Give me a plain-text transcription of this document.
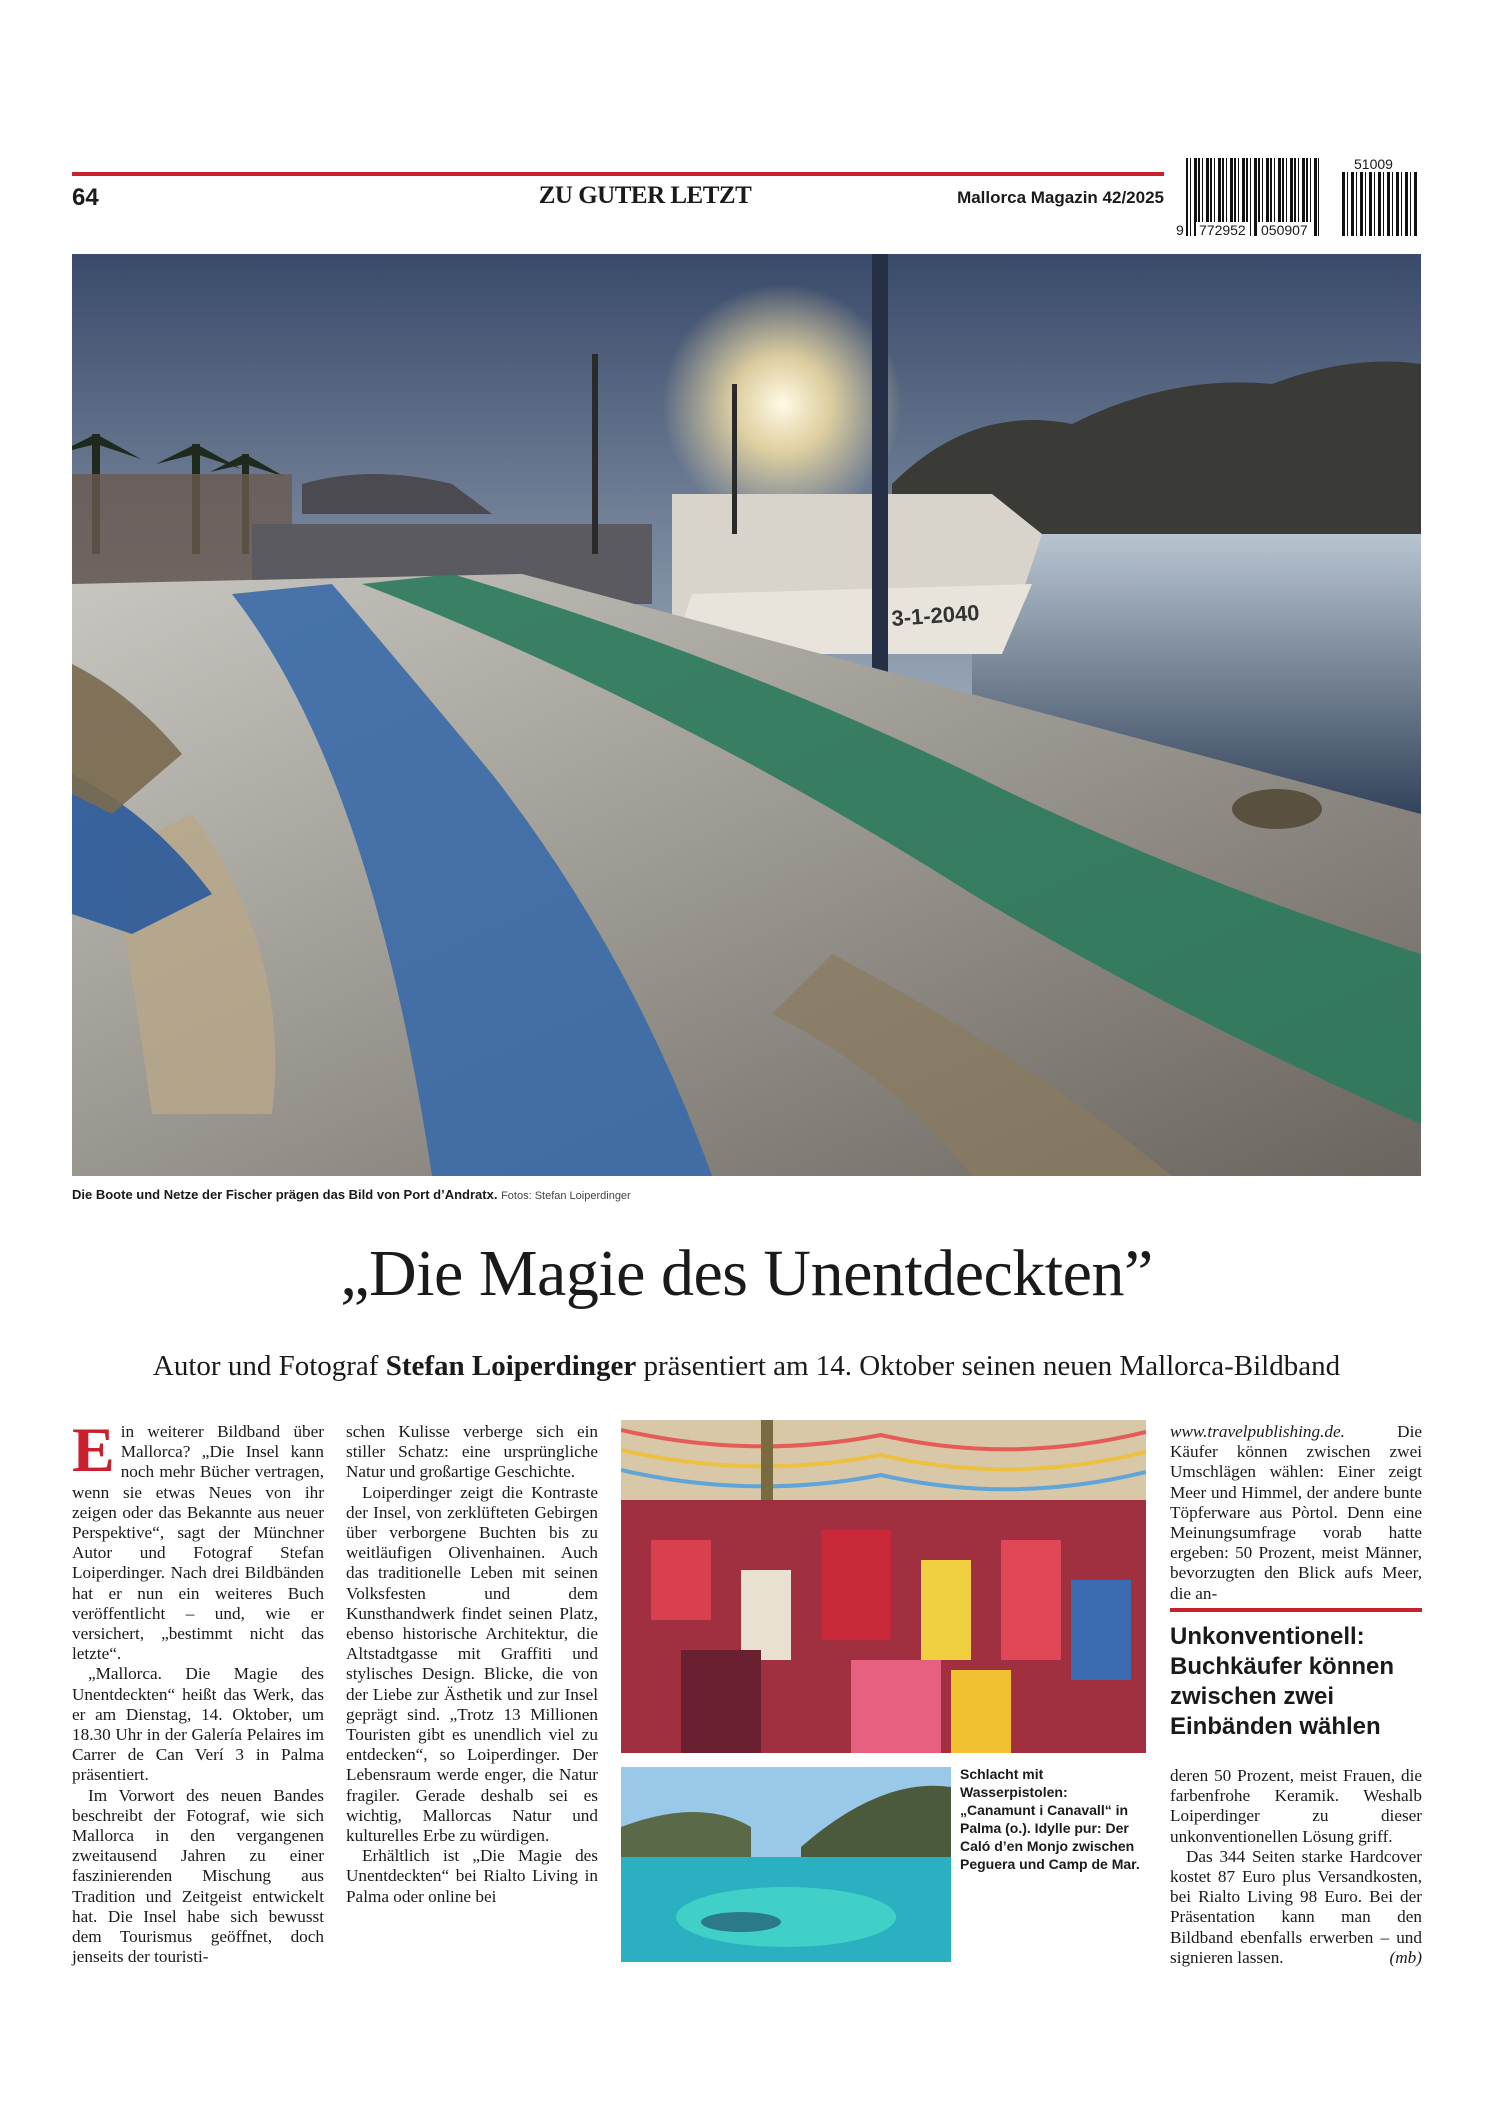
64	ZU GUTER LETZT	Mallorca Magazin 42/2025
51009
9 772952 050907
3-1-2040
Die Boote und Netze der Fischer prägen das Bild von Port d’Andratx. Fotos: Stefan Loiperdinger
„Die Magie des Unentdeckten”
Autor und Fotograf Stefan Loiperdinger präsentiert am 14. Oktober seinen neuen Mallorca-Bildband

Ein weiterer Bildband über Mallorca? „Die Insel kann noch mehr Bücher vertragen, wenn sie etwas Neues von ihr zeigen oder das Bekannte aus neuer Perspektive“, sagt der Münchner Autor und Fotograf Stefan Loiperdinger. Nach drei Bildbänden hat er nun ein weiteres Buch veröffentlicht – und, wie er versichert, „bestimmt nicht das letzte“.

„Mallorca. Die Magie des Unentdeckten“ heißt das Werk, das er am Dienstag, 14. Oktober, um 18.30 Uhr in der Galería Pelaires im Carrer de Can Verí 3 in Palma präsentiert.

Im Vorwort des neuen Bandes beschreibt der Fotograf, wie sich Mallorca in den vergangenen zweitausend Jahren zu einer faszinierenden Mischung aus Tradition und Zeitgeist entwickelt hat. Die Insel habe sich bewusst dem Tourismus geöffnet, doch jenseits der touristi-

schen Kulisse verberge sich ein stiller Schatz: eine ursprüngliche Natur und großartige Geschichte.

Loiperdinger zeigt die Kontraste der Insel, von zerklüfteten Gebirgen über verborgene Buchten bis zu weitläufigen Olivenhainen. Auch das traditionelle Leben mit seinen Volksfesten und dem Kunsthandwerk findet seinen Platz, ebenso historische Architektur, die Altstadtgasse mit Graffiti und stylisches Design. Blicke, die von der Liebe zur Ästhetik und zur Insel geprägt sind. „Trotz 13 Millionen Touristen gibt es unendlich viel zu entdecken“, so Loiperdinger. Der Lebensraum werde enger, die Natur fragiler. Gerade deshalb sei es wichtig, Mallorcas Natur und kulturelles Erbe zu würdigen.

Erhältlich ist „Die Magie des Unentdeckten“ bei Rialto Living in Palma oder online bei

Schlacht mit Wasserpistolen: „Canamunt i Canavall“ in Palma (o.). Idylle pur: Der Caló d’en Monjo zwischen Peguera und Camp de Mar.

www.travelpublishing.de. Die Käufer können zwischen zwei Umschlägen wählen: Einer zeigt Meer und Himmel, der andere bunte Töpferware aus Pòrtol. Denn eine Meinungsumfrage vorab hatte ergeben: 50 Prozent, meist Männer, bevorzugten den Blick aufs Meer, die an-

Unkonventionell: Buchkäufer können zwischen zwei Einbänden wählen

deren 50 Prozent, meist Frauen, die farbenfrohe Keramik. Weshalb Loiperdinger zu dieser unkonventionellen Lösung griff.

Das 344 Seiten starke Hardcover kostet 87 Euro plus Versandkosten, bei Rialto Living 98 Euro. Bei der Präsentation kann man den Bildband ebenfalls erwerben – und signieren lassen.	(mb)
